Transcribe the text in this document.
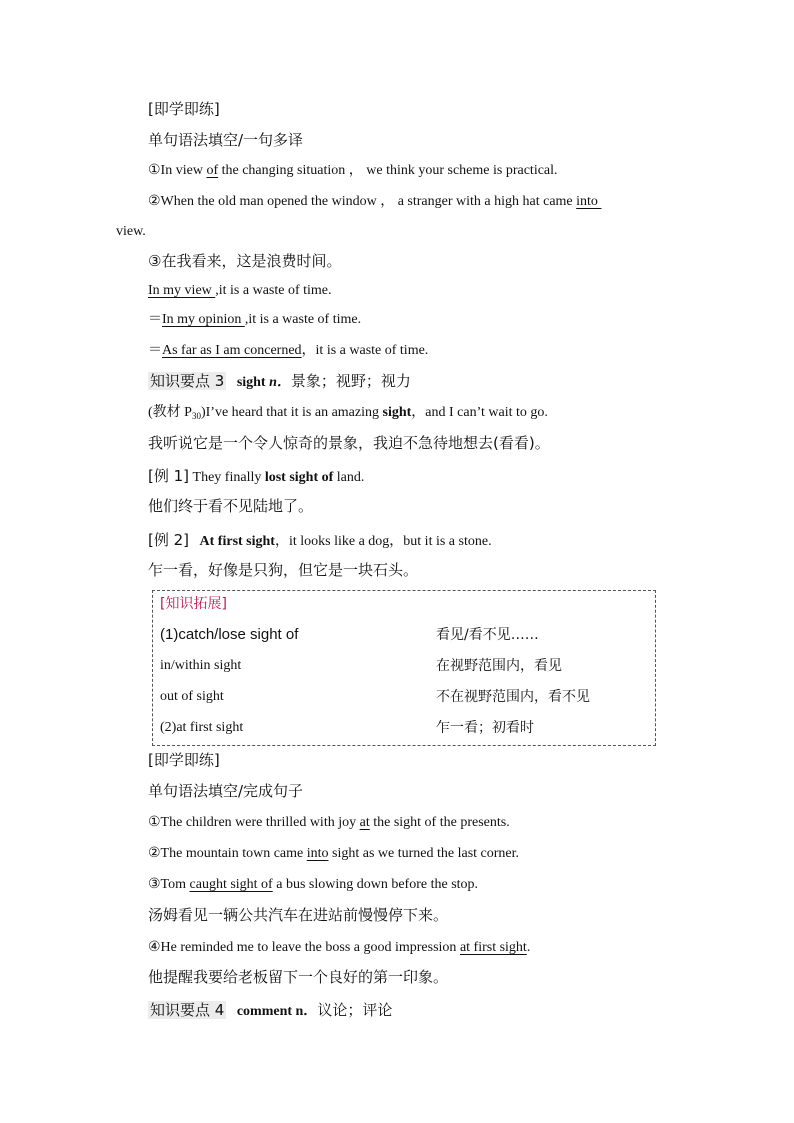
[即学即练]
单句语法填空/一句多译
①In view of the changing situation ， we think your scheme is practical.
②When the old man opened the window ， a stranger with a high hat came into
view.
③在我看来，这是浪费时间。
In my view ,it is a waste of time.
＝In my opinion ,it is a waste of time.
＝As far as I am concerned，it is a waste of time.
知识要点 3 sight n．景象；视野；视力
(教材 $P_{30})I’ve$ heard that it is an amazing sight，and I can’t wait to go.
我听说它是一个令人惊奇的景象，我迫不急待地想去(看看)。
[例 1] They finally lost sight of land.
他们终于看不见陆地了。
[例 2] At first sight，it looks like a dog，but it is a stone.
乍一看，好像是只狗，但它是一块石头。
[知识拓展]
(1)catch/lose sight of	看见/看不见……
in/within sight	在视野范围内，看见
out of sight	不在视野范围内，看不见
(2)at first sight	乍一看；初看时
[即学即练]
单句语法填空/完成句子
①The children were thrilled with joy at the sight of the presents.
②The mountain town came into sight as we turned the last corner.
③Tom caught sight of a bus slowing down before the stop.
汤姆看见一辆公共汽车在进站前慢慢停下来。
④He reminded me to leave the boss a good impression at first sight.
他提醒我要给老板留下一个良好的第一印象。
知识要点 4 comment n．议论；评论
